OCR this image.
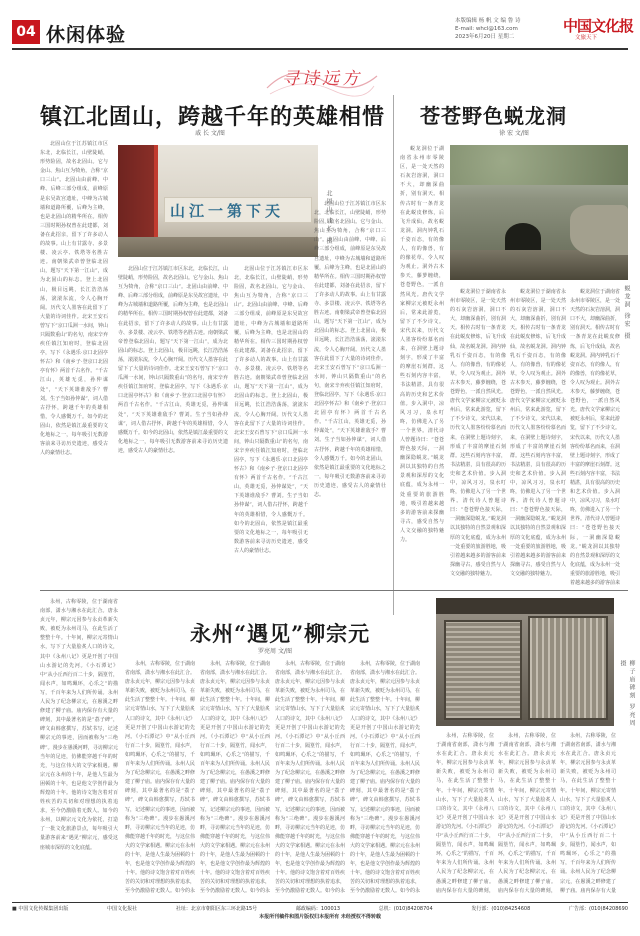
04 休闲体验
本版编辑 杨 帆 文 编 鲁 诗
E-mail: whcl@163.com
2023年6月20日 星期二
中国文化报
文旅天下
寻诗远方
镇江北固山，跨越千年的英雄相惜
戚 长 文/图

北固山位于江苏镇江市区东北，北临长江，山壁陡峭，形势险固，故名北固山。它与金山、焦山互为犄角，合称“京口三山”。北固山由前峰、中峰、后峰三部分组成，前峰原是东吴故宫遗址，中峰为古城墙和道路所覆，后峰为主峰，也是北固山的精华所在。相传三国时期孙权曾在此建都，刘备在此招亲，留下了许多动人的故事。山上有甘露寺、多景楼、凌云亭、铁塔等名胜古迹。南朝梁武帝曾登临北固山，题写“天下第一江山”，成为北固山的标志。登上北固山，极目远眺，长江浩浩荡荡，滚滚东流，令人心胸开阔。历代文人墨客在此留下了大量的诗词佳作。北宋王安石曾写下“京口瓜洲一水间，钟山只隔数重山”的名句，南宋辛弃疾任镇江知府时，登临北固亭，写下《永遇乐·京口北固亭怀古》和《南乡子·登京口北固亭有怀》两首千古名作。“千古江山，英雄无觅，孙仲谋处”，“天下英雄谁敌手？曹刘。生子当如孙仲谋”，词人借古抒怀，跨越千年的英雄相惜，令人感慨万千。如今的北固山，依然是镇江最重要的文化地标之一，每年吸引无数游客前来寻访历史遗迹，感受古人的豪情壮志。

山江一第下天	北固山 戚长 摄

北固山位于江苏镇江市区东北，北临长江，山壁陡峭，形势险固，故名北固山。它与金山、焦山互为犄角，合称“京口三山”。北固山由前峰、中峰、后峰三部分组成，前峰原是东吴故宫遗址，中峰为古城墙和道路所覆，后峰为主峰，也是北固山的精华所在。相传三国时期孙权曾在此建都，刘备在此招亲，留下了许多动人的故事。山上有甘露寺、多景楼、凌云亭、铁塔等名胜古迹。南朝梁武帝曾登临北固山，题写“天下第一江山”，成为北固山的标志。登上北固山，极目远眺，长江浩浩荡荡，滚滚东流，令人心胸开阔。历代文人墨客在此留下了大量的诗词佳作。北宋王安石曾写下“京口瓜洲一水间，钟山只隔数重山”的名句，南宋辛弃疾任镇江知府时，登临北固亭，写下《永遇乐·京口北固亭怀古》和《南乡子·登京口北固亭有怀》两首千古名作。“千古江山，英雄无觅，孙仲谋处”，“天下英雄谁敌手？曹刘。生子当如孙仲谋”，词人借古抒怀，跨越千年的英雄相惜，令人感慨万千。如今的北固山，依然是镇江最重要的文化地标之一，每年吸引无数游客前来寻访历史遗迹，感受古人的豪情壮志。

北固山位于江苏镇江市区东北，北临长江，山壁陡峭，形势险固，故名北固山。它与金山、焦山互为犄角，合称“京口三山”。北固山由前峰、中峰、后峰三部分组成，前峰原是东吴故宫遗址，中峰为古城墙和道路所覆，后峰为主峰，也是北固山的精华所在。相传三国时期孙权曾在此建都，刘备在此招亲，留下了许多动人的故事。山上有甘露寺、多景楼、凌云亭、铁塔等名胜古迹。南朝梁武帝曾登临北固山，题写“天下第一江山”，成为北固山的标志。登上北固山，极目远眺，长江浩浩荡荡，滚滚东流，令人心胸开阔。历代文人墨客在此留下了大量的诗词佳作。北宋王安石曾写下“京口瓜洲一水间，钟山只隔数重山”的名句，南宋辛弃疾任镇江知府时，登临北固亭，写下《永遇乐·京口北固亭怀古》和《南乡子·登京口北固亭有怀》两首千古名作。“千古江山，英雄无觅，孙仲谋处”，“天下英雄谁敌手？曹刘。生子当如孙仲谋”，词人借古抒怀，跨越千年的英雄相惜，令人感慨万千。如今的北固山，依然是镇江最重要的文化地标之一，每年吸引无数游客前来寻访历史遗迹，感受古人的豪情壮志。

北固山位于江苏镇江市区东北，北临长江，山壁陡峭，形势险固，故名北固山。它与金山、焦山互为犄角，合称“京口三山”。北固山由前峰、中峰、后峰三部分组成，前峰原是东吴故宫遗址，中峰为古城墙和道路所覆，后峰为主峰，也是北固山的精华所在。相传三国时期孙权曾在此建都，刘备在此招亲，留下了许多动人的故事。山上有甘露寺、多景楼、凌云亭、铁塔等名胜古迹。南朝梁武帝曾登临北固山，题写“天下第一江山”，成为北固山的标志。登上北固山，极目远眺，长江浩浩荡荡，滚滚东流，令人心胸开阔。历代文人墨客在此留下了大量的诗词佳作。北宋王安石曾写下“京口瓜洲一水间，钟山只隔数重山”的名句，南宋辛弃疾任镇江知府时，登临北固亭，写下《永遇乐·京口北固亭怀古》和《南乡子·登京口北固亭有怀》两首千古名作。“千古江山，英雄无觅，孙仲谋处”，“天下英雄谁敌手？曹刘。生子当如孙仲谋”，词人借古抒怀，跨越千年的英雄相惜，令人感慨万千。如今的北固山，依然是镇江最重要的文化地标之一，每年吸引无数游客前来寻访历史遗迹，感受古人的豪情壮志。

苍苍野色蜕龙洞
徐 宏 文/图

蜕龙洞位于湖南省永州市零陵区，是一处天然的石灰岩溶洞，洞口不大，却幽深曲折，别有洞天。相传古时有一条青龙在此蜕皮修炼，后飞升成仙，故名蜕龙洞。洞内钟乳石千姿百态，有的像人，有的像兽，有的像花草，令人叹为观止。洞外古木参天，藤萝缠绕，苍苍野色，一派自然风光。唐代文学家柳宗元被贬永州后，常来此游览，留下了不少诗文。宋代以来，历代文人墨客纷纷慕名而来，在洞壁上题诗刻字，形成了丰富的摩崖石刻群。这些石刻内容丰富，书法精湛，具有很高的历史和艺术价值。步入洞中，凉风习习，泉水叮咚，仿佛进入了另一个世界。清代诗人曾题诗曰：“苍苍野色接天际，一洞幽深隐蜕龙。”蜕龙洞以其独特的自然景观和深厚的文化底蕴，成为永州一处重要的旅游胜地，吸引着越来越多的游客前来探幽寻古，感受自然与人文交融的独特魅力。

蜕龙洞 徐宏 摄

蜕龙洞位于湖南省永州市零陵区，是一处天然的石灰岩溶洞，洞口不大，却幽深曲折，别有洞天。相传古时有一条青龙在此蜕皮修炼，后飞升成仙，故名蜕龙洞。洞内钟乳石千姿百态，有的像人，有的像兽，有的像花草，令人叹为观止。洞外古木参天，藤萝缠绕，苍苍野色，一派自然风光。唐代文学家柳宗元被贬永州后，常来此游览，留下了不少诗文。宋代以来，历代文人墨客纷纷慕名而来，在洞壁上题诗刻字，形成了丰富的摩崖石刻群。这些石刻内容丰富，书法精湛，具有很高的历史和艺术价值。步入洞中，凉风习习，泉水叮咚，仿佛进入了另一个世界。清代诗人曾题诗曰：“苍苍野色接天际，一洞幽深隐蜕龙。”蜕龙洞以其独特的自然景观和深厚的文化底蕴，成为永州一处重要的旅游胜地，吸引着越来越多的游客前来探幽寻古，感受自然与人文交融的独特魅力。

蜕龙洞位于湖南省永州市零陵区，是一处天然的石灰岩溶洞，洞口不大，却幽深曲折，别有洞天。相传古时有一条青龙在此蜕皮修炼，后飞升成仙，故名蜕龙洞。洞内钟乳石千姿百态，有的像人，有的像兽，有的像花草，令人叹为观止。洞外古木参天，藤萝缠绕，苍苍野色，一派自然风光。唐代文学家柳宗元被贬永州后，常来此游览，留下了不少诗文。宋代以来，历代文人墨客纷纷慕名而来，在洞壁上题诗刻字，形成了丰富的摩崖石刻群。这些石刻内容丰富，书法精湛，具有很高的历史和艺术价值。步入洞中，凉风习习，泉水叮咚，仿佛进入了另一个世界。清代诗人曾题诗曰：“苍苍野色接天际，一洞幽深隐蜕龙。”蜕龙洞以其独特的自然景观和深厚的文化底蕴，成为永州一处重要的旅游胜地，吸引着越来越多的游客前来探幽寻古，感受自然与人文交融的独特魅力。

蜕龙洞位于湖南省永州市零陵区，是一处天然的石灰岩溶洞，洞口不大，却幽深曲折，别有洞天。相传古时有一条青龙在此蜕皮修炼，后飞升成仙，故名蜕龙洞。洞内钟乳石千姿百态，有的像人，有的像兽，有的像花草，令人叹为观止。洞外古木参天，藤萝缠绕，苍苍野色，一派自然风光。唐代文学家柳宗元被贬永州后，常来此游览，留下了不少诗文。宋代以来，历代文人墨客纷纷慕名而来，在洞壁上题诗刻字，形成了丰富的摩崖石刻群。这些石刻内容丰富，书法精湛，具有很高的历史和艺术价值。步入洞中，凉风习习，泉水叮咚，仿佛进入了另一个世界。清代诗人曾题诗曰：“苍苍野色接天际，一洞幽深隐蜕龙。”蜕龙洞以其独特的自然景观和深厚的文化底蕴，成为永州一处重要的旅游胜地，吸引着越来越多的游客前来

永州，古称零陵，位于湖南省南部，潇水与湘水在此汇合。唐永贞元年，柳宗元因参与永贞革新失败，被贬为永州司马，在此生活了整整十年。十年间，柳宗元寄情山水，写下了大量脍炙人口的诗文，其中《永州八记》更是开创了中国山水游记的先河。《小石潭记》中“从小丘西行百二十步，隔篁竹，闻水声，如鸣珮环，心乐之”的描写，千百年来为人们所传诵。永州人民为了纪念柳宗元，在愚溪之畔修建了柳子庙。庙内保存有大量的碑刻，其中最著名的是“荔子碑”，碑文由韩愈撰写，苏轼书写，记述柳宗元的事迹，因而被称为“三绝碑”。漫步在愚溪河畔，寻访柳宗元当年的足迹，仿佛能穿越千年的时光，与这位伟大的文学家相遇。柳宗元在永州的十年，是他人生最为困顿的十年，也是他文学创作最为辉煌的十年。他的诗文饱含着对百姓疾苦的关切和对理想的执着追求，至今仍激励着无数人。如今的永州，以柳宗元文化为依托，打造了一批文化旅游景点，每年吸引大量游客前来“遇见”柳宗元，感受这座城市深厚的文化底蕴。

永州“遇见”柳宗元
罗亮周 文/图

永州，古称零陵，位于湖南省南部，潇水与湘水在此汇合。唐永贞元年，柳宗元因参与永贞革新失败，被贬为永州司马，在此生活了整整十年。十年间，柳宗元寄情山水，写下了大量脍炙人口的诗文，其中《永州八记》更是开创了中国山水游记的先河。《小石潭记》中“从小丘西行百二十步，隔篁竹，闻水声，如鸣珮环，心乐之”的描写，千百年来为人们所传诵。永州人民为了纪念柳宗元，在愚溪之畔修建了柳子庙。庙内保存有大量的碑刻，其中最著名的是“荔子碑”，碑文由韩愈撰写，苏轼书写，记述柳宗元的事迹，因而被称为“三绝碑”。漫步在愚溪河畔，寻访柳宗元当年的足迹，仿佛能穿越千年的时光，与这位伟大的文学家相遇。柳宗元在永州的十年，是他人生最为困顿的十年，也是他文学创作最为辉煌的十年。他的诗文饱含着对百姓疾苦的关切和对理想的执着追求，至今仍激励着无数人。如今的永

永州，古称零陵，位于湖南省南部，潇水与湘水在此汇合。唐永贞元年，柳宗元因参与永贞革新失败，被贬为永州司马，在此生活了整整十年。十年间，柳宗元寄情山水，写下了大量脍炙人口的诗文，其中《永州八记》更是开创了中国山水游记的先河。《小石潭记》中“从小丘西行百二十步，隔篁竹，闻水声，如鸣珮环，心乐之”的描写，千百年来为人们所传诵。永州人民为了纪念柳宗元，在愚溪之畔修建了柳子庙。庙内保存有大量的碑刻，其中最著名的是“荔子碑”，碑文由韩愈撰写，苏轼书写，记述柳宗元的事迹，因而被称为“三绝碑”。漫步在愚溪河畔，寻访柳宗元当年的足迹，仿佛能穿越千年的时光，与这位伟大的文学家相遇。柳宗元在永州的十年，是他人生最为困顿的十年，也是他文学创作最为辉煌的十年。他的诗文饱含着对百姓疾苦的关切和对理想的执着追求，至今仍激励着无数人。如今的永

永州，古称零陵，位于湖南省南部，潇水与湘水在此汇合。唐永贞元年，柳宗元因参与永贞革新失败，被贬为永州司马，在此生活了整整十年。十年间，柳宗元寄情山水，写下了大量脍炙人口的诗文，其中《永州八记》更是开创了中国山水游记的先河。《小石潭记》中“从小丘西行百二十步，隔篁竹，闻水声，如鸣珮环，心乐之”的描写，千百年来为人们所传诵。永州人民为了纪念柳宗元，在愚溪之畔修建了柳子庙。庙内保存有大量的碑刻，其中最著名的是“荔子碑”，碑文由韩愈撰写，苏轼书写，记述柳宗元的事迹，因而被称为“三绝碑”。漫步在愚溪河畔，寻访柳宗元当年的足迹，仿佛能穿越千年的时光，与这位伟大的文学家相遇。柳宗元在永州的十年，是他人生最为困顿的十年，也是他文学创作最为辉煌的十年。他的诗文饱含着对百姓疾苦的关切和对理想的执着追求，至今仍激励着无数人。如今的永

永州，古称零陵，位于湖南省南部，潇水与湘水在此汇合。唐永贞元年，柳宗元因参与永贞革新失败，被贬为永州司马，在此生活了整整十年。十年间，柳宗元寄情山水，写下了大量脍炙人口的诗文，其中《永州八记》更是开创了中国山水游记的先河。《小石潭记》中“从小丘西行百二十步，隔篁竹，闻水声，如鸣珮环，心乐之”的描写，千百年来为人们所传诵。永州人民为了纪念柳宗元，在愚溪之畔修建了柳子庙。庙内保存有大量的碑刻，其中最著名的是“荔子碑”，碑文由韩愈撰写，苏轼书写，记述柳宗元的事迹，因而被称为“三绝碑”。漫步在愚溪河畔，寻访柳宗元当年的足迹，仿佛能穿越千年的时光，与这位伟大的文学家相遇。柳宗元在永州的十年，是他人生最为困顿的十年，也是他文学创作最为辉煌的十年。他的诗文饱含着对百姓疾苦的关切和对理想的执着追求，至今仍激励着无数人。如今的永

柳子庙碑刻 罗亮周 摄

永州，古称零陵，位于湖南省南部，潇水与湘水在此汇合。唐永贞元年，柳宗元因参与永贞革新失败，被贬为永州司马，在此生活了整整十年。十年间，柳宗元寄情山水，写下了大量脍炙人口的诗文，其中《永州八记》更是开创了中国山水游记的先河。《小石潭记》中“从小丘西行百二十步，隔篁竹，闻水声，如鸣珮环，心乐之”的描写，千百年来为人们所传诵。永州人民为了纪念柳宗元，在愚溪之畔修建了柳子庙。庙内保存有大量的碑刻，

永州，古称零陵，位于湖南省南部，潇水与湘水在此汇合。唐永贞元年，柳宗元因参与永贞革新失败，被贬为永州司马，在此生活了整整十年。十年间，柳宗元寄情山水，写下了大量脍炙人口的诗文，其中《永州八记》更是开创了中国山水游记的先河。《小石潭记》中“从小丘西行百二十步，隔篁竹，闻水声，如鸣珮环，心乐之”的描写，千百年来为人们所传诵。永州人民为了纪念柳宗元，在愚溪之畔修建了柳子庙。庙内保存有大量的碑刻，

永州，古称零陵，位于湖南省南部，潇水与湘水在此汇合。唐永贞元年，柳宗元因参与永贞革新失败，被贬为永州司马，在此生活了整整十年。十年间，柳宗元寄情山水，写下了大量脍炙人口的诗文，其中《永州八记》更是开创了中国山水游记的先河。《小石潭记》中“从小丘西行百二十步，隔篁竹，闻水声，如鸣珮环，心乐之”的描写，千百年来为人们所传诵。永州人民为了纪念柳宗元，在愚溪之畔修建了柳子庙。庙内保存有大量

■ 中国文化传媒集团出版	中国文化报社	社址：北京市朝阳区东三环北路15号	邮政编码：100013	总机：(010)84208704	发行部：(010)84254608	广告部：(010)84208690
本报所刊稿件和图片版权归本报所有 未经授权不得转载
